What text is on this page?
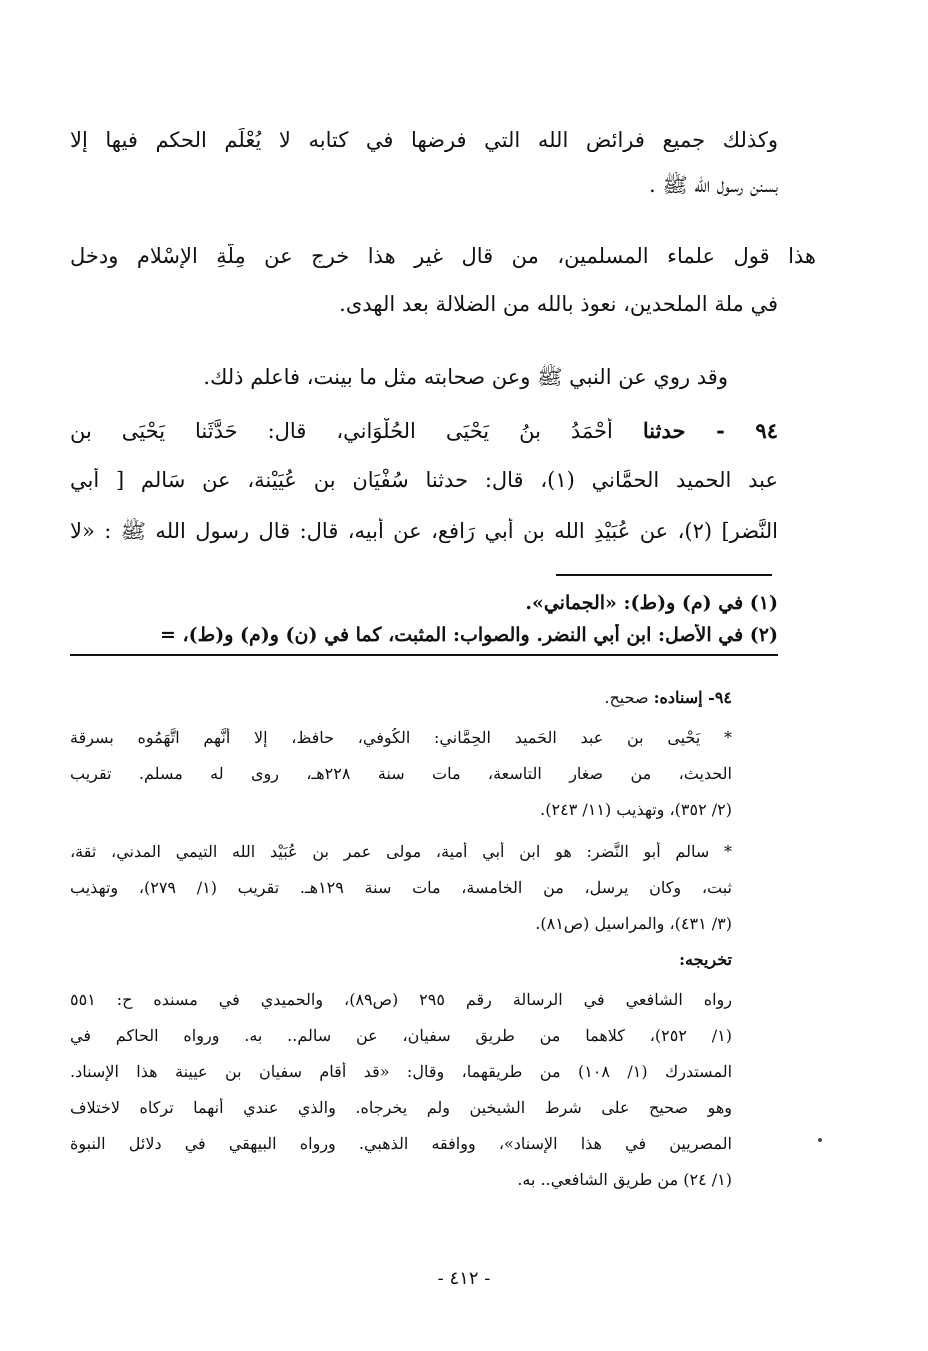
وكذلك جميع فرائض الله التي فرضها في كتابه لا يُعْلَم الحكم فيها إلا
بسنن رسول الله ﷺ .
هذا قول علماء المسلمين، من قال غير هذا خرج عن مِلَّةِ الإسْلام ودخل
في ملة الملحدين، نعوذ بالله من الضلالة بعد الهدى.
وقد روي عن النبي ﷺ وعن صحابته مثل ما بينت، فاعلم ذلك.
٩٤ - حدثنا أَحْمَدُ بنُ يَحْيَى الحُلْوَاني، قال: حَدَّثَنا يَحْيَى بن
عبد الحميد الحمَّاني (١)، قال: حدثنا سُفْيَان بن عُيَيْنة، عن سَالم [ أبي
النَّضر] (٢)، عن عُبَيْدِ الله بن أبي رَافع، عن أبيه، قال: قال رسول الله ﷺ : «لا
(١) في (م) و(ط): «الجماني».
(٢) في الأصل: ابن أبي النضر. والصواب: المثبت، كما في (ن) و(م) و(ط)، =
٩٤- إسناده: صحيح.
* يَحْيى بن عبد الحَميد الحِمَّاني: الكُوفي، حافظ، إلا أنَّهم اتَّهَمُوه بسرقة
الحديث، من صغار التاسعة، مات سنة ٢٢٨هـ، روى له مسلم. تقريب
(٢/ ٣٥٢)، وتهذيب (١١/ ٢٤٣).
* سالم أبو النَّضر: هو ابن أبي أمية، مولى عمر بن عُبَيْد الله التيمي المدني، ثقة،
ثبت، وكان يرسل، من الخامسة، مات سنة ١٢٩هـ. تقريب (١/ ٢٧٩)، وتهذيب
(٣/ ٤٣١)، والمراسيل (ص٨١).
تخريجه:
رواه الشافعي في الرسالة رقم ٢٩٥ (ص٨٩)، والحميدي في مسنده ح: ٥٥١
(١/ ٢٥٢)، كلاهما من طريق سفيان، عن سالم.. به. ورواه الحاكم في
المستدرك (١/ ١٠٨) من طريقهما، وقال: «قد أقام سفيان بن عيينة هذا الإسناد.
وهو صحيح على شرط الشيخين ولم يخرجاه. والذي عندي أنهما تركاه لاختلاف
المصريين في هذا الإسناد»، ووافقه الذهبي. ورواه البيهقي في دلائل النبوة
(١/ ٢٤) من طريق الشافعي.. به.
- ٤١٢ -
